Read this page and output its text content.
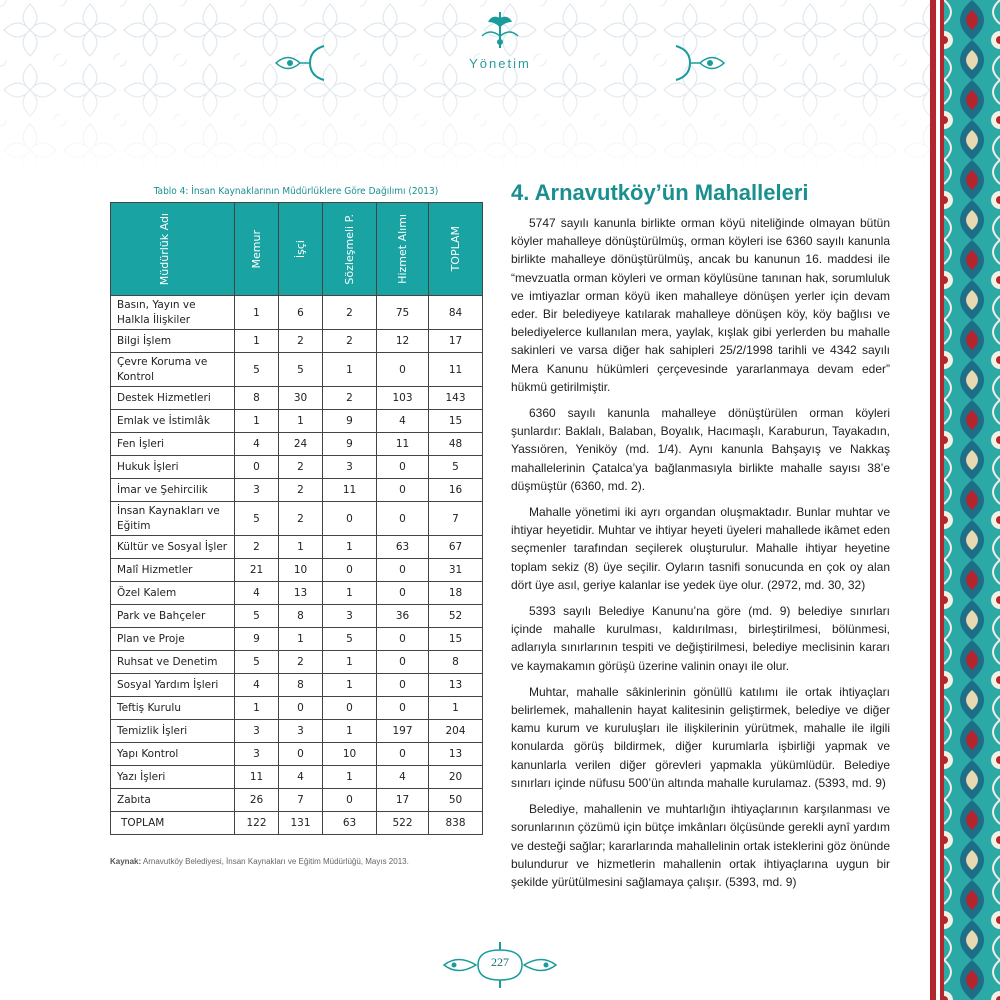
Yönetim
Tablo 4: İnsan Kaynaklarının Müdürlüklere Göre Dağılımı (2013)
Müdürlük Adı	Memur	İşçi	Sözleşmeli P.	Hizmet Alımı	TOPLAM

Basın, Yayın ve Halkla İlişkiler	1	6	2	75	84
Bilgi İşlem	1	2	2	12	17
Çevre Koruma ve Kontrol	5	5	1	0	11
Destek Hizmetleri	8	30	2	103	143
Emlak ve İstimlâk	1	1	9	4	15
Fen İşleri	4	24	9	11	48
Hukuk İşleri	0	2	3	0	5
İmar ve Şehircilik	3	2	11	0	16
İnsan Kaynakları ve Eğitim	5	2	0	0	7
Kültür ve Sosyal İşler	2	1	1	63	67
Malî Hizmetler	21	10	0	0	31
Özel Kalem	4	13	1	0	18
Park ve Bahçeler	5	8	3	36	52
Plan ve Proje	9	1	5	0	15
Ruhsat ve Denetim	5	2	1	0	8
Sosyal Yardım İşleri	4	8	1	0	13
Teftiş Kurulu	1	0	0	0	1
Temizlik İşleri	3	3	1	197	204
Yapı Kontrol	3	0	10	0	13
Yazı İşleri	11	4	1	4	20
Zabıta	26	7	0	17	50
TOPLAM	122	131	63	522	838
Kaynak: Arnavutköy Belediyesi, İnsan Kaynakları ve Eğitim Müdürlüğü, Mayıs 2013.
4. Arnavutköy’ün Mahalleleri

5747 sayılı kanunla birlikte orman köyü niteliğinde olmayan bütün köyler mahalleye dönüştürülmüş, orman köyleri ise 6360 sayılı kanunla birlikte mahalleye dönüştürülmüş, ancak bu kanunun 16. maddesi ile “mevzuatla orman köyleri ve orman köylüsüne tanınan hak, sorumluluk ve imtiyazlar orman köyü iken mahalleye dönüşen yerler için devam eder. Bir belediyeye katılarak mahalleye dönüşen köy, köy bağlısı ve belediyelerce kullanılan mera, yaylak, kışlak gibi yerlerden bu mahalle sakinleri ve varsa diğer hak sahipleri 25/2/1998 tarihli ve 4342 sayılı Mera Kanunu hükümleri çerçevesinde yararlanmaya devam eder” hükmü getirilmiştir.

6360 sayılı kanunla mahalleye dönüştürülen orman köyleri şunlardır: Baklalı, Balaban, Boyalık, Hacımaşlı, Karaburun, Tayakadın, Yassıören, Yeniköy (md. 1/4). Aynı kanunla Bahşayış ve Nakkaş mahallelerinin Çatalca’ya bağlanmasıyla birlikte mahalle sayısı 38’e düşmüştür (6360, md. 2).

Mahalle yönetimi iki ayrı organdan oluşmaktadır. Bunlar muhtar ve ihtiyar heyetidir. Muhtar ve ihtiyar heyeti üyeleri mahallede ikâmet eden seçmenler tarafından seçilerek oluşturulur. Mahalle ihtiyar heyetine toplam sekiz (8) üye seçilir. Oyların tasnifi sonucunda en çok oy alan dört üye asıl, geriye kalanlar ise yedek üye olur. (2972, md. 30, 32)

5393 sayılı Belediye Kanunu’na göre (md. 9) belediye sınırları içinde mahalle kurulması, kaldırılması, birleştirilmesi, bölünmesi, adlarıyla sınırlarının tespiti ve değiştirilmesi, belediye meclisinin kararı ve kaymakamın görüşü üzerine valinin onayı ile olur.

Muhtar, mahalle sâkinlerinin gönüllü katılımı ile ortak ihtiyaçları belirlemek, mahallenin hayat kalitesinin geliştirmek, belediye ve diğer kamu kurum ve kuruluşları ile ilişkilerinin yürütmek, mahalle ile ilgili konularda görüş bildirmek, diğer kurumlarla işbirliği yapmak ve kanunlarla verilen diğer görevleri yapmakla yükümlüdür. Belediye sınırları içinde nüfusu 500’ün altında mahalle kurulamaz. (5393, md. 9)

Belediye, mahallenin ve muhtarlığın ihtiyaçlarının karşılanması ve sorunlarının çözümü için bütçe imkânları ölçüsünde gerekli aynî yardım ve desteği sağlar; kararlarında mahallelinin ortak isteklerini göz önünde bulundurur ve hizmetlerin mahallenin ortak ihtiyaçlarına uygun bir şekilde yürütülmesini sağlamaya çalışır. (5393, md. 9)

227
